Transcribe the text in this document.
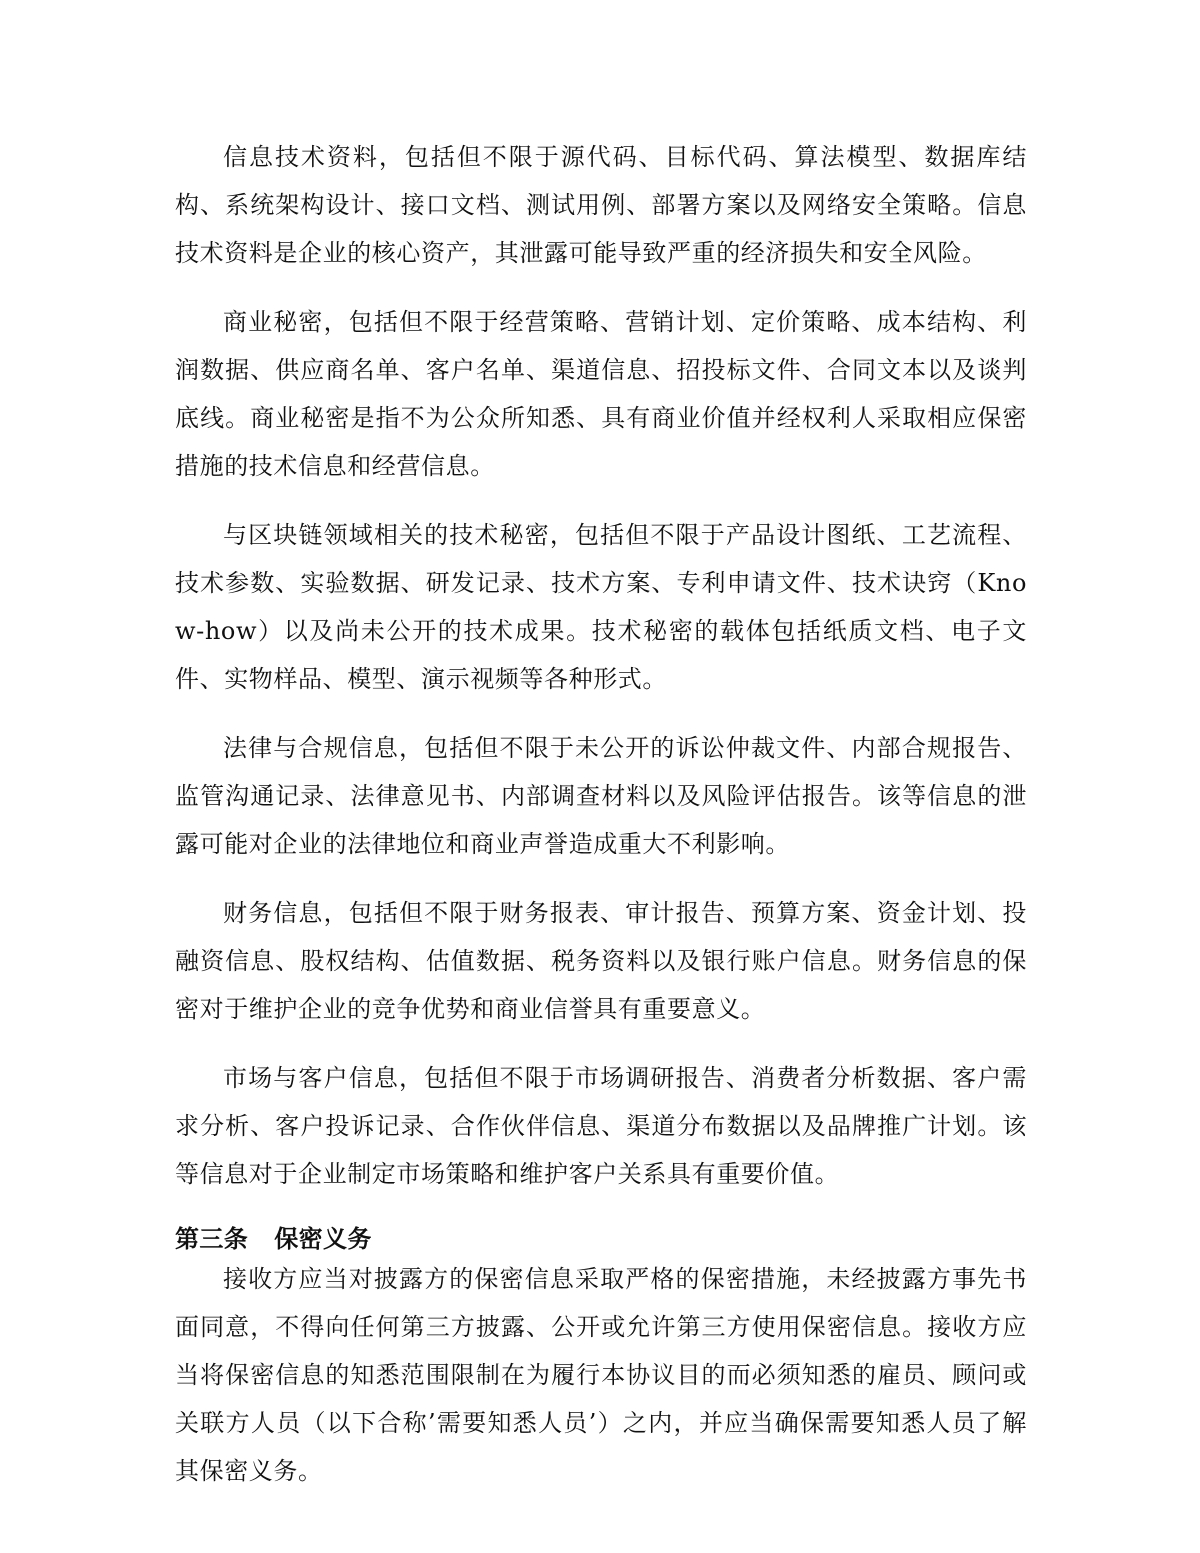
信息技术资料，包括但不限于源代码、目标代码、算法模型、数据库结构、系统架构设计、接口文档、测试用例、部署方案以及网络安全策略。信息技术资料是企业的核心资产，其泄露可能导致严重的经济损失和安全风险。

商业秘密，包括但不限于经营策略、营销计划、定价策略、成本结构、利润数据、供应商名单、客户名单、渠道信息、招投标文件、合同文本以及谈判底线。商业秘密是指不为公众所知悉、具有商业价值并经权利人采取相应保密措施的技术信息和经营信息。

与区块链领域相关的技术秘密，包括但不限于产品设计图纸、工艺流程、技术参数、实验数据、研发记录、技术方案、专利申请文件、技术诀窍（Know-how）以及尚未公开的技术成果。技术秘密的载体包括纸质文档、电子文件、实物样品、模型、演示视频等各种形式。

法律与合规信息，包括但不限于未公开的诉讼仲裁文件、内部合规报告、监管沟通记录、法律意见书、内部调查材料以及风险评估报告。该等信息的泄露可能对企业的法律地位和商业声誉造成重大不利影响。

财务信息，包括但不限于财务报表、审计报告、预算方案、资金计划、投融资信息、股权结构、估值数据、税务资料以及银行账户信息。财务信息的保密对于维护企业的竞争优势和商业信誉具有重要意义。

市场与客户信息，包括但不限于市场调研报告、消费者分析数据、客户需求分析、客户投诉记录、合作伙伴信息、渠道分布数据以及品牌推广计划。该等信息对于企业制定市场策略和维护客户关系具有重要价值。

第三条 保密义务

接收方应当对披露方的保密信息采取严格的保密措施，未经披露方事先书面同意，不得向任何第三方披露、公开或允许第三方使用保密信息。接收方应当将保密信息的知悉范围限制在为履行本协议目的而必须知悉的雇员、顾问或关联方人员（以下合称’需要知悉人员’）之内，并应当确保需要知悉人员了解其保密义务。
